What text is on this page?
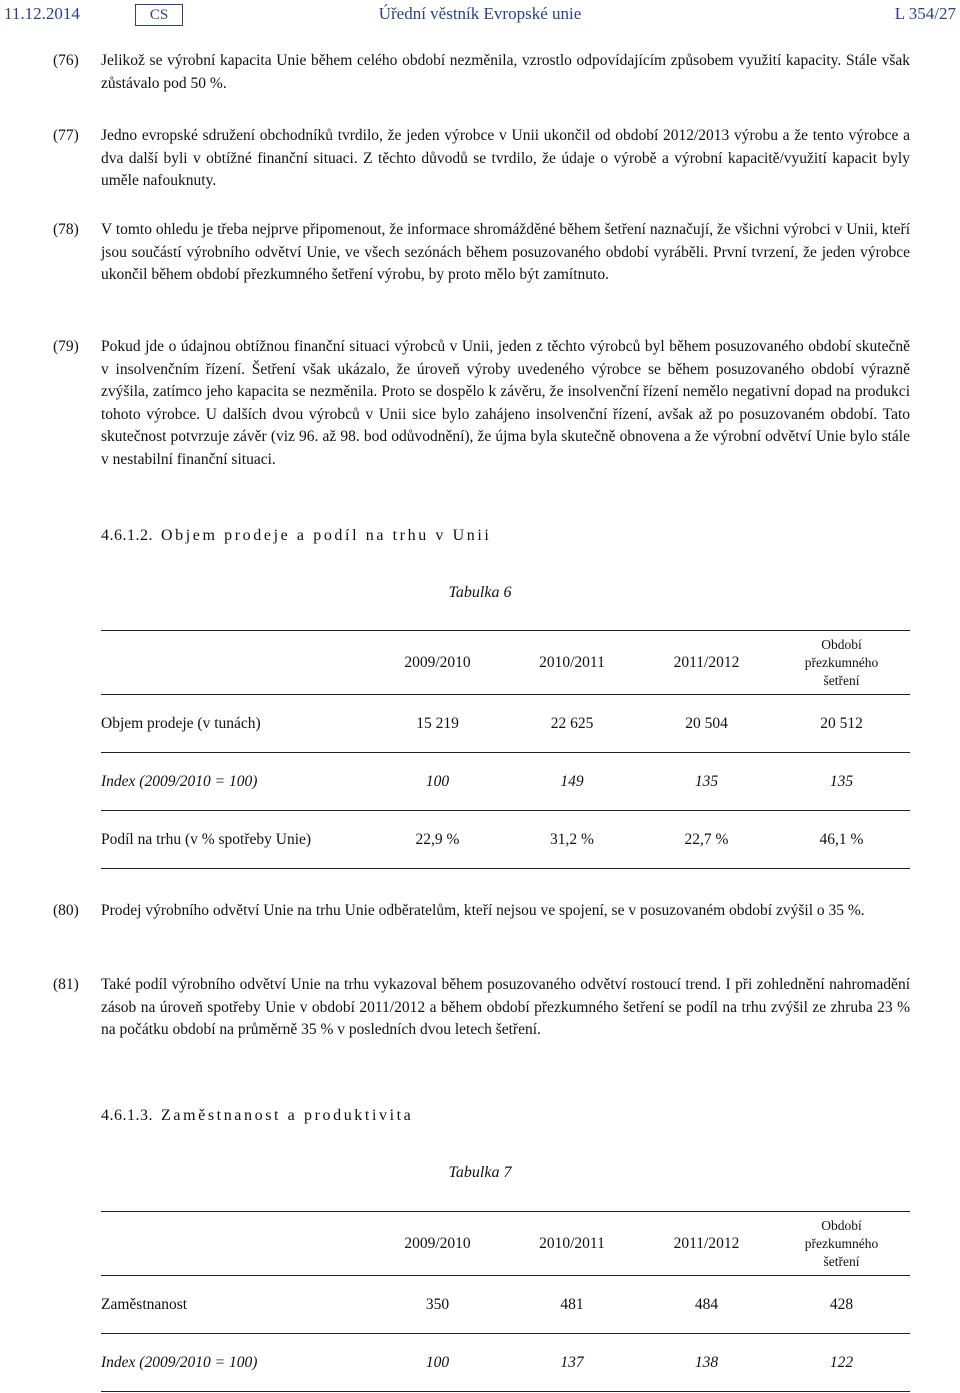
11.12.2014	CS	Úřední věstník Evropské unie	L 354/27
(76) Jelikož se výrobní kapacita Unie během celého období nezměnila, vzrostlo odpovídajícím způsobem využití kapacity. Stále však zůstávalo pod 50 %.
(77) Jedno evropské sdružení obchodníků tvrdilo, že jeden výrobce v Unii ukončil od období 2012/2013 výrobu a že tento výrobce a dva další byli v obtížné finanční situaci. Z těchto důvodů se tvrdilo, že údaje o výrobě a výrobní kapacitě/využití kapacit byly uměle nafouknuty.
(78) V tomto ohledu je třeba nejprve připomenout, že informace shromážděné během šetření naznačují, že všichni výrobci v Unii, kteří jsou součástí výrobního odvětví Unie, ve všech sezónách během posuzovaného období vyráběli. První tvrzení, že jeden výrobce ukončil během období přezkumného šetření výrobu, by proto mělo být zamítnuto.
(79) Pokud jde o údajnou obtížnou finanční situaci výrobců v Unii, jeden z těchto výrobců byl během posuzovaného období skutečně v insolvenčním řízení. Šetření však ukázalo, že úroveň výroby uvedeného výrobce se během posuzovaného období výrazně zvýšila, zatímco jeho kapacita se nezměnila. Proto se dospělo k závěru, že insolvenční řízení nemělo negativní dopad na produkci tohoto výrobce. U dalších dvou výrobců v Unii sice bylo zahájeno insolvenční řízení, avšak až po posuzovaném období. Tato skutečnost potvrzuje závěr (viz 96. až 98. bod odůvodnění), že újma byla skutečně obnovena a že výrobní odvětví Unie bylo stále v nestabilní finanční situaci.
4.6.1.2. Objem prodeje a podíl na trhu v Unii
Tabulka 6
	2009/2010	2010/2011	2011/2012	Období přezkumného šetření

Objem prodeje (v tunách)	15 219	22 625	20 504	20 512
Index (2009/2010 = 100)	100	149	135	135
Podíl na trhu (v % spotřeby Unie)	22,9 %	31,2 %	22,7 %	46,1 %
(80) Prodej výrobního odvětví Unie na trhu Unie odběratelům, kteří nejsou ve spojení, se v posuzovaném období zvýšil o 35 %.
(81) Také podíl výrobního odvětví Unie na trhu vykazoval během posuzovaného odvětví rostoucí trend. I při zohlednění nahromadění zásob na úroveň spotřeby Unie v období 2011/2012 a během období přezkumného šetření se podíl na trhu zvýšil ze zhruba 23 % na počátku období na průměrně 35 % v posledních dvou letech šetření.
4.6.1.3. Zaměstnanost a produktivita
Tabulka 7
	2009/2010	2010/2011	2011/2012	Období přezkumného šetření

Zaměstnanost	350	481	484	428
Index (2009/2010 = 100)	100	137	138	122
